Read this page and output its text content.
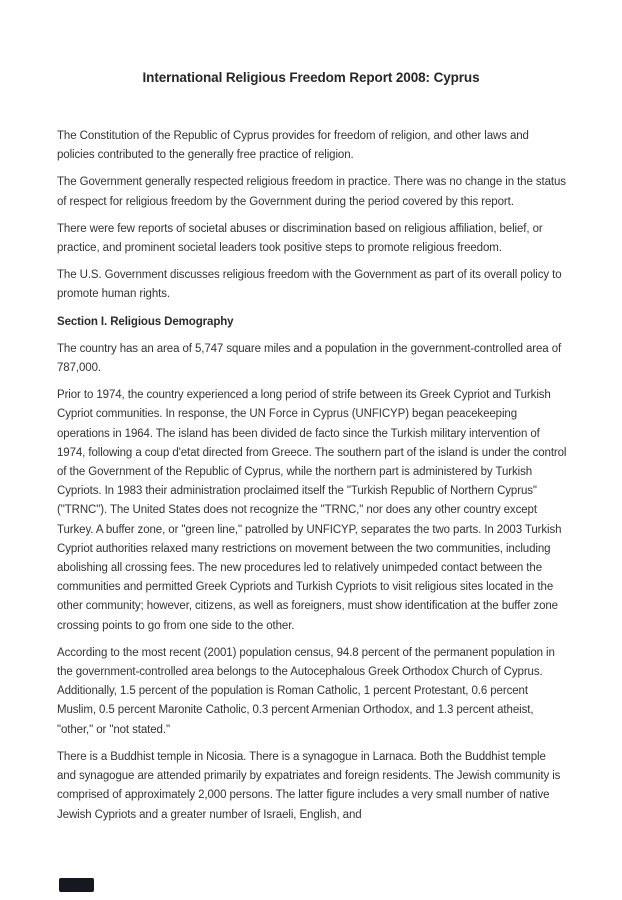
International Religious Freedom Report 2008: Cyprus

The Constitution of the Republic of Cyprus provides for freedom of religion, and other laws and policies contributed to the generally free practice of religion.

The Government generally respected religious freedom in practice. There was no change in the status of respect for religious freedom by the Government during the period covered by this report.

There were few reports of societal abuses or discrimination based on religious affiliation, belief, or practice, and prominent societal leaders took positive steps to promote religious freedom.

The U.S. Government discusses religious freedom with the Government as part of its overall policy to promote human rights.

Section I. Religious Demography

The country has an area of 5,747 square miles and a population in the government-controlled area of 787,000.

Prior to 1974, the country experienced a long period of strife between its Greek Cypriot and Turkish Cypriot communities. In response, the UN Force in Cyprus (UNFICYP) began peacekeeping operations in 1964. The island has been divided de facto since the Turkish military intervention of 1974, following a coup d'etat directed from Greece. The southern part of the island is under the control of the Government of the Republic of Cyprus, while the northern part is administered by Turkish Cypriots. In 1983 their administration proclaimed itself the "Turkish Republic of Northern Cyprus" ("TRNC"). The United States does not recognize the "TRNC," nor does any other country except Turkey. A buffer zone, or "green line," patrolled by UNFICYP, separates the two parts. In 2003 Turkish Cypriot authorities relaxed many restrictions on movement between the two communities, including abolishing all crossing fees. The new procedures led to relatively unimpeded contact between the communities and permitted Greek Cypriots and Turkish Cypriots to visit religious sites located in the other community; however, citizens, as well as foreigners, must show identification at the buffer zone crossing points to go from one side to the other.

According to the most recent (2001) population census, 94.8 percent of the permanent population in the government-controlled area belongs to the Autocephalous Greek Orthodox Church of Cyprus. Additionally, 1.5 percent of the population is Roman Catholic, 1 percent Protestant, 0.6 percent Muslim, 0.5 percent Maronite Catholic, 0.3 percent Armenian Orthodox, and 1.3 percent atheist, "other," or "not stated."

There is a Buddhist temple in Nicosia. There is a synagogue in Larnaca. Both the Buddhist temple and synagogue are attended primarily by expatriates and foreign residents. The Jewish community is comprised of approximately 2,000 persons. The latter figure includes a very small number of native Jewish Cypriots and a greater number of Israeli, English, and
